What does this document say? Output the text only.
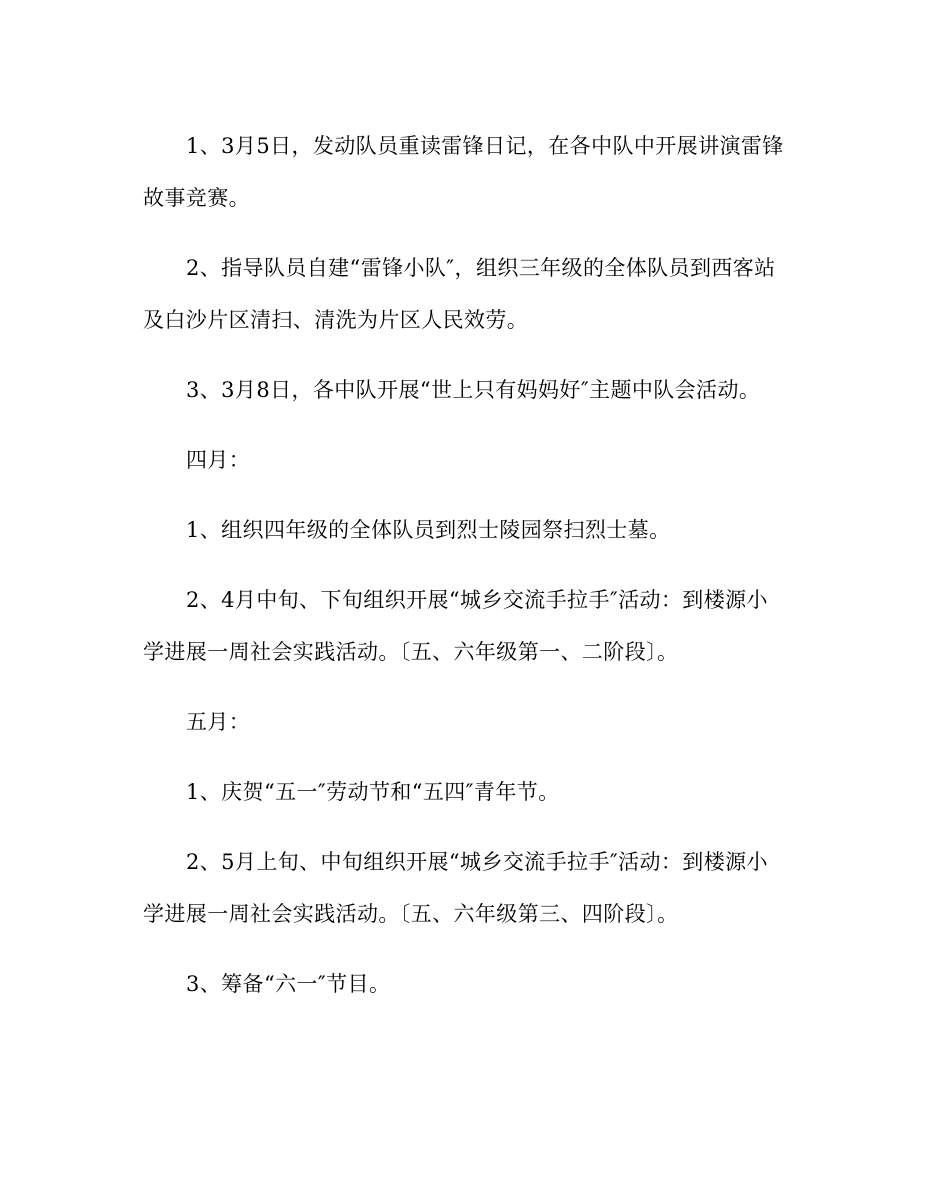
1、3月5日，发动队员重读雷锋日记，在各中队中开展讲演雷锋
故事竞赛。
2、指导队员自建“雷锋小队″，组织三年级的全体队员到西客站
及白沙片区清扫、清洗为片区人民效劳。
3、3月8日，各中队开展“世上只有妈妈好″主题中队会活动。
四月：
1、组织四年级的全体队员到烈士陵园祭扫烈士墓。
2、4月中旬、下旬组织开展“城乡交流手拉手″活动：到楼源小
学进展一周社会实践活动。〔五、六年级第一、二阶段〕。
五月：
1、庆贺“五一″劳动节和“五四″青年节。
2、5月上旬、中旬组织开展“城乡交流手拉手″活动：到楼源小
学进展一周社会实践活动。〔五、六年级第三、四阶段〕。
3、筹备“六一″节目。
